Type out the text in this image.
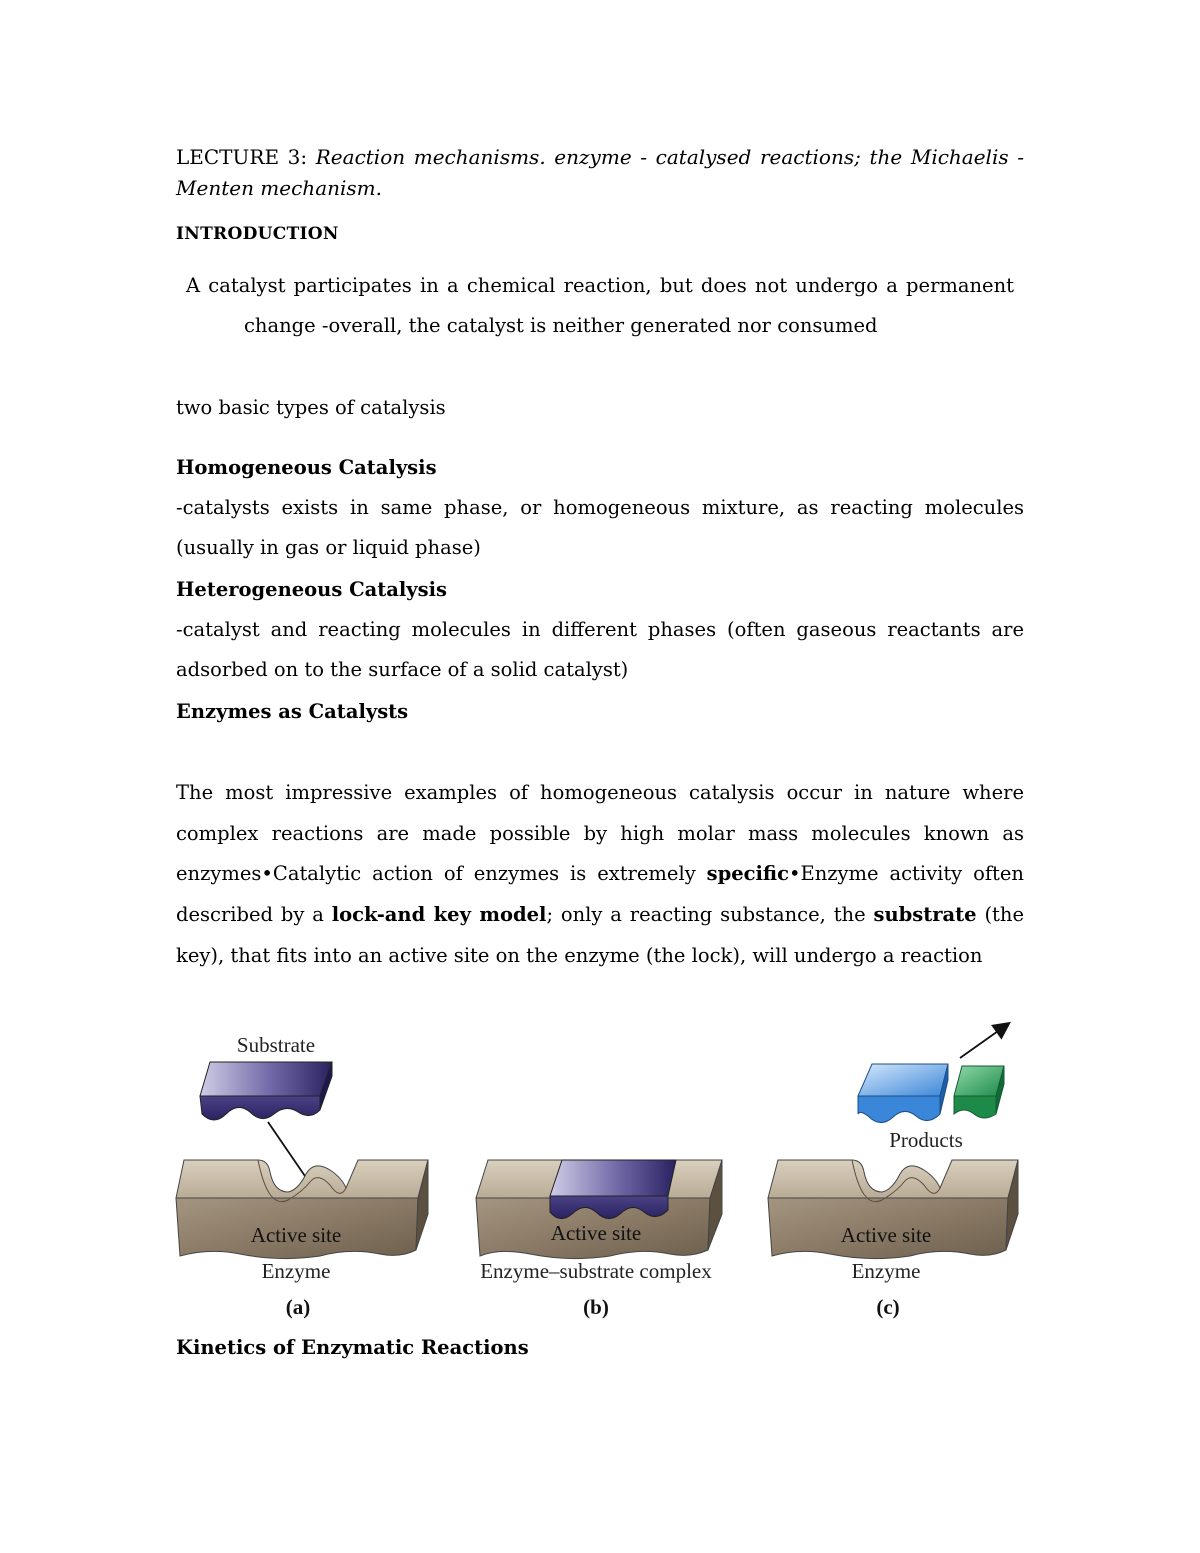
LECTURE 3: Reaction mechanisms. enzyme - catalysed reactions; the Michaelis - Menten mechanism.
INTRODUCTION
A catalyst participates in a chemical reaction, but does not undergo a permanent
change -overall, the catalyst is neither generated nor consumed
two basic types of catalysis
Homogeneous Catalysis
-catalysts exists in same phase, or homogeneous mixture, as reacting molecules (usually in gas or liquid phase)
Heterogeneous Catalysis
-catalyst and reacting molecules in different phases (often gaseous reactants are adsorbed on to the surface of a solid catalyst)
Enzymes as Catalysts
The most impressive examples of homogeneous catalysis occur in nature where complex reactions are made possible by high molar mass molecules known as enzymes•Catalytic action of enzymes is extremely specific•Enzyme activity often described by a lock-and key model; only a reacting substance, the substrate (the key), that fits into an active site on the enzyme (the lock), will undergo a reaction
Kinetics of Enzymatic Reactions
Substrate
Active site
Enzyme
(a)
Active site
Enzyme–substrate complex
(b)
Products
Active site
Enzyme
(c)
